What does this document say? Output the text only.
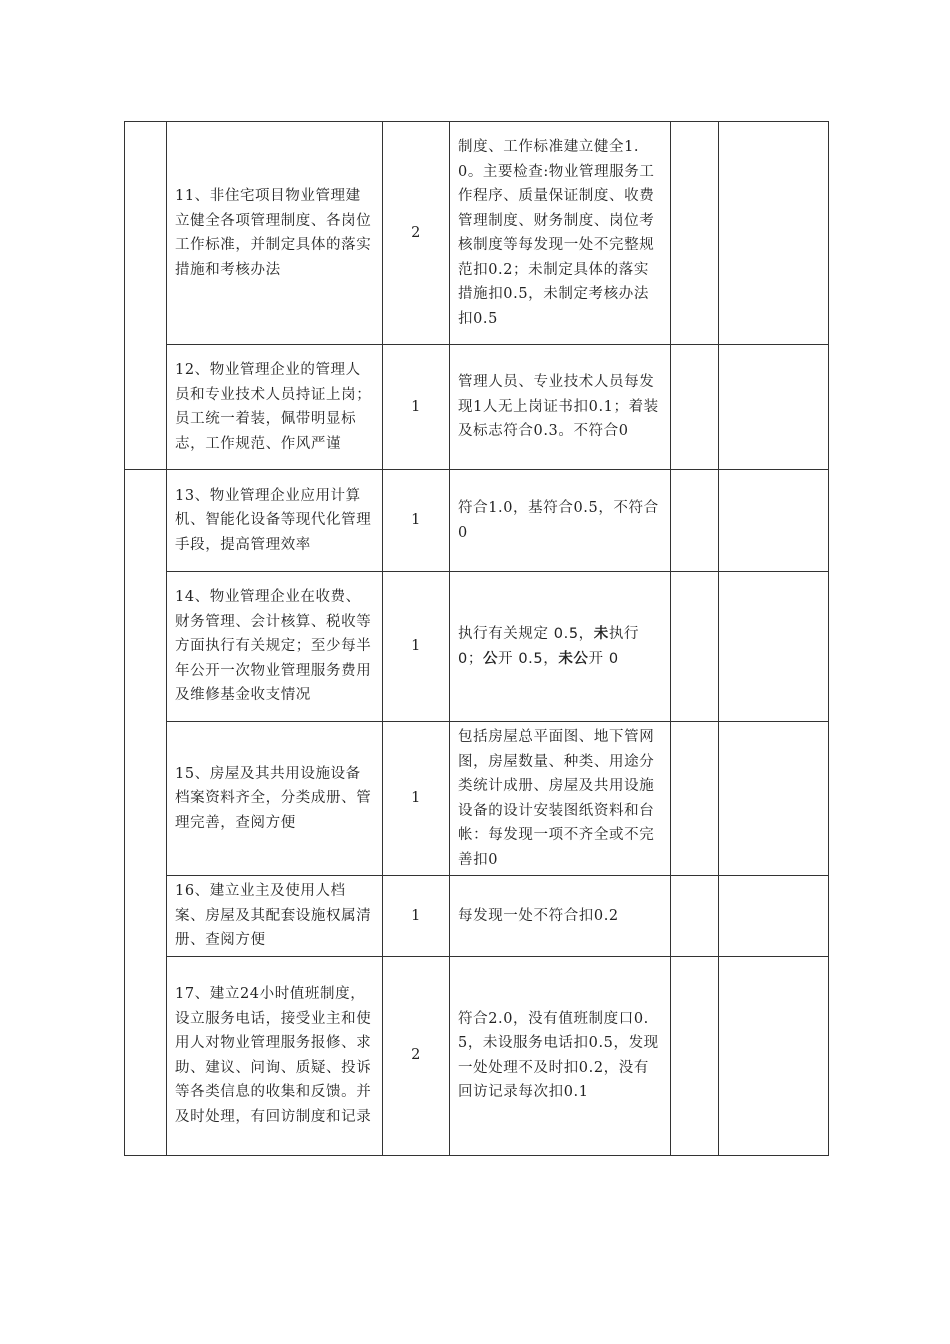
	11、非住宅项目物业管理建立健全各项管理制度、各岗位工作标准，并制定具体的落实措施和考核办法	2	制度、工作标准建立健全1.0。主要检查:物业管理服务工作程序、质量保证制度、收费管理制度、财务制度、岗位考核制度等每发现一处不完整规范扣0.2；未制定具体的落实措施扣0.5，未制定考核办法扣0.5		
	12、物业管理企业的管理人员和专业技术人员持证上岗；员工统一着装，佩带明显标志，工作规范、作风严谨	1	管理人员、专业技术人员每发现1人无上岗证书扣0.1；着装及标志符合0.3。不符合0		
	13、物业管理企业应用计算机、智能化设备等现代化管理手段，提高管理效率	1	符合1.0，基符合0.5，不符合0		
	14、物业管理企业在收费、财务管理、会计核算、税收等方面执行有关规定；至少每半年公开一次物业管理服务费用及维修基金收支情况	1	执行有关规定 0.5，未执行 0；公开 0.5，未公开 0		
	15、房屋及其共用设施设备档案资料齐全，分类成册、管理完善，查阅方便	1	包括房屋总平面图、地下管网图，房屋数量、种类、用途分类统计成册、房屋及共用设施设备的设计安装图纸资料和台帐：每发现一项不齐全或不完善扣0		
	16、建立业主及使用人档案、房屋及其配套设施权属清册、查阅方便	1	每发现一处不符合扣0.2		
	17、建立24小时值班制度，设立服务电话，接受业主和使用人对物业管理服务报修、求助、建议、问询、质疑、投诉等各类信息的收集和反馈。并及时处理，有回访制度和记录	2	符合2.0，没有值班制度口0.5，未设服务电话扣0.5，发现一处处理不及时扣0.2，没有回访记录每次扣0.1		
